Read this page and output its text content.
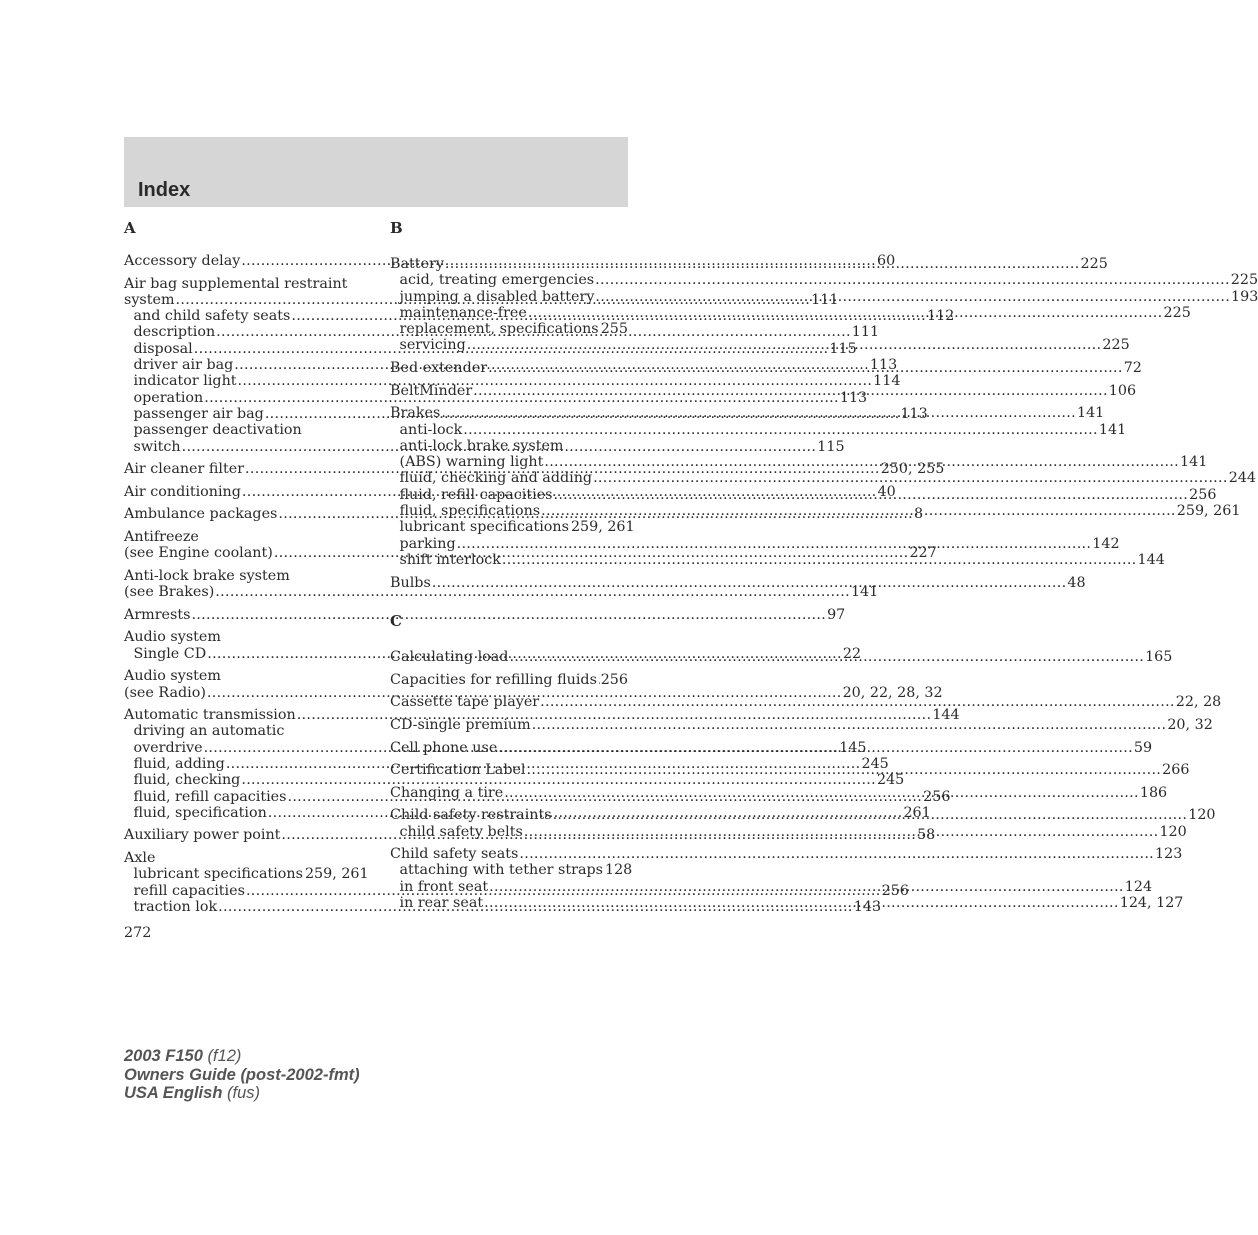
Index
A
Accessory delay .....	60
Air bag supplemental restraint
system .....	111
and child safety seats .....	112
description .....	111
disposal .....	115
driver air bag .....	113
indicator light .....	114
operation .....	113
passenger air bag .....	113
passenger deactivation
switch .....	115
Air cleaner filter .....	250, 255
Air conditioning .....	40
Ambulance packages .....	8
Antifreeze
(see Engine coolant) .....	227
Anti-lock brake system
(see Brakes) .....	141
Armrests .....	97
Audio system
Single CD .....	22
Audio system
(see Radio) .....	20, 22, 28, 32
Automatic transmission .....	144
driving an automatic
overdrive .....	145
fluid, adding .....	245
fluid, checking .....	245
fluid, refill capacities .....	256
fluid, specification .....	261
Auxiliary power point .....	58
Axle
lubricant specifications 259, 261
refill capacities .....	256
traction lok .....	143
B
Battery .....	225
acid, treating emergencies .....	225
jumping a disabled battery .....	193
maintenance-free .....	225
replacement, specifications ..... 255
servicing .....	225
Bed extender .....	72
BeltMinder .....	106
Brakes .....	141
anti-lock .....	141
anti-lock brake system
(ABS) warning light .....	141
fluid, checking and adding .....	244
fluid, refill capacities .....	256
fluid, specifications .....	259, 261
lubricant specifications 259, 261
parking .....	142
shift interlock .....	144
Bulbs .....	48
C
Calculating load .....	165
Capacities for refilling fluids ..... 256
Cassette tape player .....	22, 28
CD-single premium .....	20, 32
Cell phone use .....	59
Certification Label .....	266
Changing a tire .....	186
Child safety restraints .....	120
child safety belts .....	120
Child safety seats .....	123
attaching with tether straps 128
in front seat .....	124
in rear seat .....	124, 127
272
2003 F150 (f12)
Owners Guide (post-2002-fmt)
USA English (fus)
